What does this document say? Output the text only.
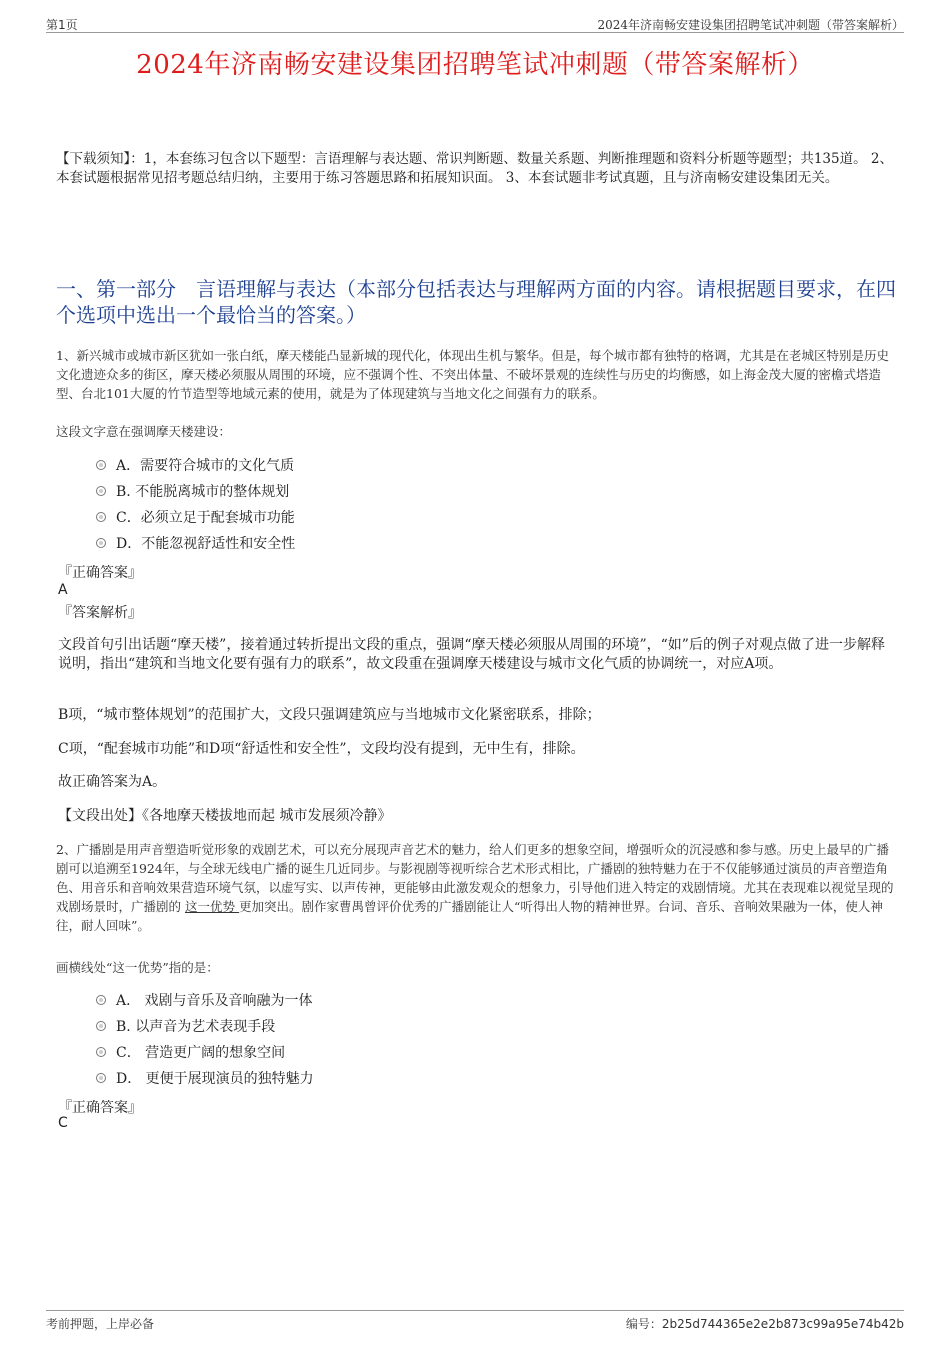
第1页	2024年济南畅安建设集团招聘笔试冲刺题（带答案解析）
2024年济南畅安建设集团招聘笔试冲刺题（带答案解析）
【下载须知】：1，本套练习包含以下题型：言语理解与表达题、常识判断题、数量关系题、判断推理题和资料分析题等题型；共135道。 2、本套试题根据常见招考题总结归纳，主要用于练习答题思路和拓展知识面。 3、本套试题非考试真题，且与济南畅安建设集团无关。
一、第一部分　言语理解与表达（本部分包括表达与理解两方面的内容。请根据题目要求，在四个选项中选出一个最恰当的答案。）
1、新兴城市或城市新区犹如一张白纸，摩天楼能凸显新城的现代化，体现出生机与繁华。但是，每个城市都有独特的格调，尤其是在老城区特别是历史文化遗迹众多的街区，摩天楼必须服从周围的环境，应不强调个性、不突出体量、不破坏景观的连续性与历史的均衡感，如上海金茂大厦的密檐式塔造型、台北101大厦的竹节造型等地域元素的使用，就是为了体现建筑与当地文化之间强有力的联系。
这段文字意在强调摩天楼建设：
A．需要符合城市的文化气质
B. 不能脱离城市的整体规划
C．必须立足于配套城市功能
D．不能忽视舒适性和安全性
『正确答案』
A
『答案解析』
文段首句引出话题“摩天楼”，接着通过转折提出文段的重点，强调“摩天楼必须服从周围的环境”，“如”后的例子对观点做了进一步解释说明，指出“建筑和当地文化要有强有力的联系”，故文段重在强调摩天楼建设与城市文化气质的协调统一，对应A项。
B项，“城市整体规划”的范围扩大，文段只强调建筑应与当地城市文化紧密联系，排除；
C项，“配套城市功能”和D项“舒适性和安全性”，文段均没有提到，无中生有，排除。
故正确答案为A。
【文段出处】《各地摩天楼拔地而起 城市发展须冷静》
2、广播剧是用声音塑造听觉形象的戏剧艺术，可以充分展现声音艺术的魅力，给人们更多的想象空间，增强听众的沉浸感和参与感。历史上最早的广播剧可以追溯至1924年，与全球无线电广播的诞生几近同步。与影视剧等视听综合艺术形式相比，广播剧的独特魅力在于不仅能够通过演员的声音塑造角色、用音乐和音响效果营造环境气氛，以虚写实、以声传神，更能够由此激发观众的想象力，引导他们进入特定的戏剧情境。尤其在表现难以视觉呈现的戏剧场景时，广播剧的 这一优势 更加突出。剧作家曹禺曾评价优秀的广播剧能让人“听得出人物的精神世界。台词、音乐、音响效果融为一体，使人神往，耐人回味”。
画横线处“这一优势”指的是：
A． 戏剧与音乐及音响融为一体
B. 以声音为艺术表现手段
C． 营造更广阔的想象空间
D． 更便于展现演员的独特魅力
『正确答案』
C
考前押题，上岸必备	编号：2b25d744365e2e2b873c99a95e74b42b
